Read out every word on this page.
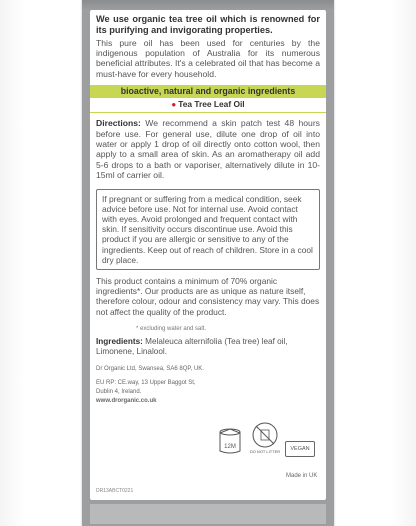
We use organic tea tree oil which is renowned for its purifying and invigorating properties.

This pure oil has been used for centuries by the indigenous population of Australia for its numerous beneficial attributes. It's a celebrated oil that has become a must-have for every household.

bioactive, natural and organic ingredients
● Tea Tree Leaf Oil

Directions: We recommend a skin patch test 48 hours before use. For general use, dilute one drop of oil into water or apply 1 drop of oil directly onto cotton wool, then apply to a small area of skin. As an aromatherapy oil add 5-6 drops to a bath or vaporiser, alternatively dilute in 10-15ml of carrier oil.

If pregnant or suffering from a medical condition, seek advice before use. Not for internal use. Avoid contact with eyes. Avoid prolonged and frequent contact with skin. If sensitivity occurs discontinue use. Avoid this product if you are allergic or sensitive to any of the ingredients. Keep out of reach of children. Store in a cool dry place.

This product contains a minimum of 70% organic ingredients*. Our products are as unique as nature itself, therefore colour, odour and consistency may vary. This does not affect the quality of the product.

* excluding water and salt.

Ingredients: Melaleuca alternifolia (Tea tree) leaf oil, Limonene, Linalool.

Dr Organic Ltd, Swansea, SA6 8QP, UK.
EU RP: CE.way, 13 Upper Baggot St,
Dublin 4, Ireland.
www.drorganic.co.uk
12M
DO NOT LITTER	VEGAN
Made in UK
DR13ABCT0221
